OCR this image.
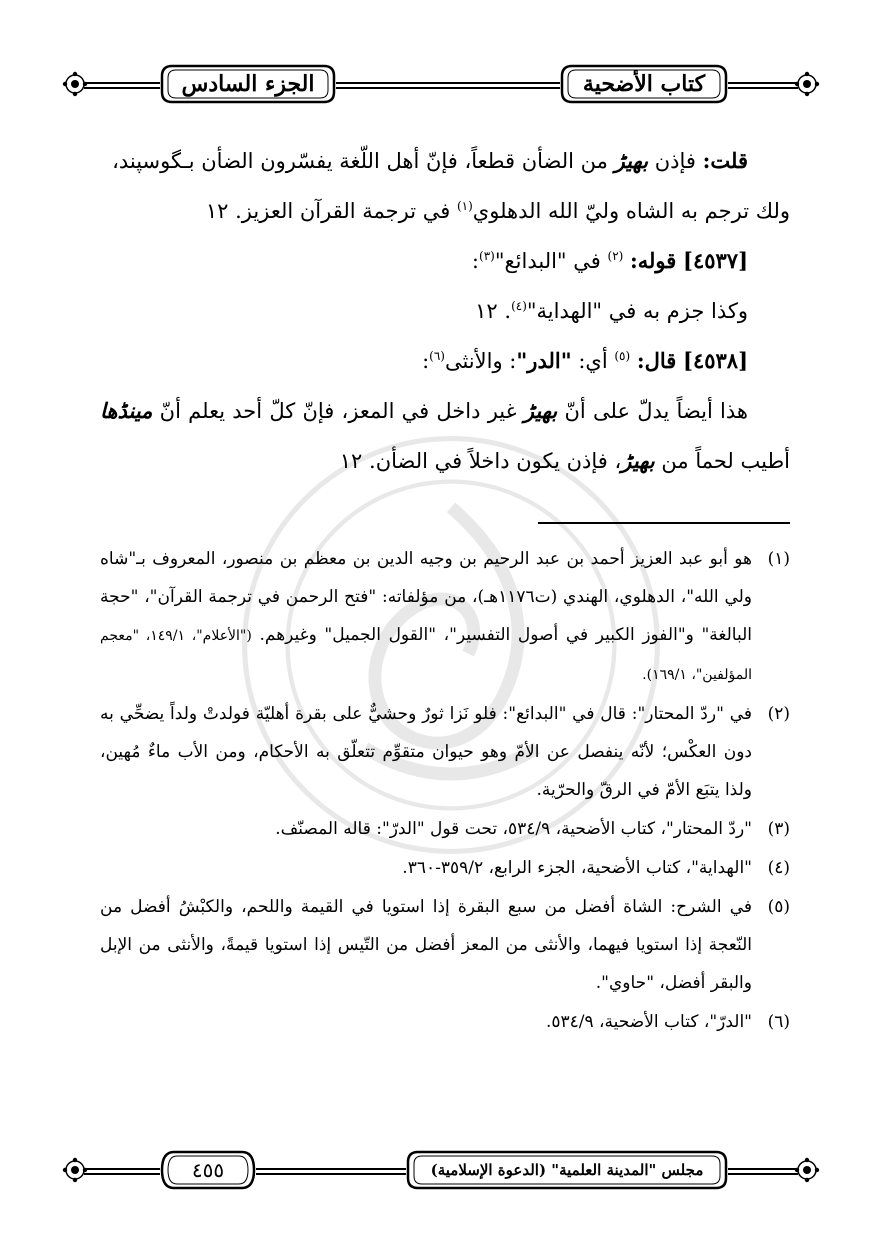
كتاب الأضحية
الجزء السادس

قلت: فإذن بهيڑ من الضأن قطعاً، فإنّ أهل اللّغة يفسّرون الضأن بـگوسپند،

ولك ترجم به الشاه وليّ الله الدهلوي$^{(١)}$ في ترجمة القرآن العزيز. ١٢

[٤٥٣٧] قوله: $^{(٢)}$ في "البدائع"$^{(٣)}$:

وكذا جزم به في "الهداية"$^{(٤)}$. ١٢

[٤٥٣٨] قال: $^{(٥)}$ أي: "الدر": والأنثى$^{(٦)}$:

هذا أيضاً يدلّ على أنّ بهيڑ غير داخل في المعز، فإنّ كلّ أحد يعلم أنّ مينڈها أطيب لحماً من بهيڑ، فإذن يكون داخلاً في الضأن. ١٢

(١)
هو أبو عبد العزيز أحمد بن عبد الرحيم بن وجيه الدين بن معظم بن منصور، المعروف بـ"شاه ولي الله"، الدهلوي، الهندي (ت١١٧٦هـ)، من مؤلفاته: "فتح الرحمن في ترجمة القرآن"، "حجة البالغة" و"الفوز الكبير في أصول التفسير"، "القول الجميل" وغيرهم. ("الأعلام"، ١٤٩/١، "معجم المؤلفين"، ١٦٩/١).

(٢)
في "ردّ المحتار": قال في "البدائع": فلو نَزا ثورٌ وحشيٌّ على بقرة أهليّة فولدتْ ولداً يضحِّي به دون العكْس؛ لأنّه ينفصل عن الأمّ وهو حيوان متقوِّم تتعلّق به الأحكام، ومن الأب ماءٌ مُهين، ولذا يتبَع الأمّ في الرقّ والحرّية.

(٣)
"ردّ المحتار"، كتاب الأضحية، ٥٣٤/٩، تحت قول "الدرّ": قاله المصنّف.

(٤)
"الهداية"، كتاب الأضحية، الجزء الرابع، ٣٥٩/٢-٣٦٠.

(٥)
في الشرح: الشاة أفضل من سبع البقرة إذا استويا في القيمة واللحم، والكبْشُ أفضل من النّعجة إذا استويا فيهما، والأنثى من المعز أفضل من التّيس إذا استويا قيمةً، والأنثى من الإبل والبقر أفضل، "حاوي".

(٦)
"الدرّ"، كتاب الأضحية، ٥٣٤/٩.

مجلس "المدينة العلمية" (الدعوة الإسلامية)
٤٥٥
